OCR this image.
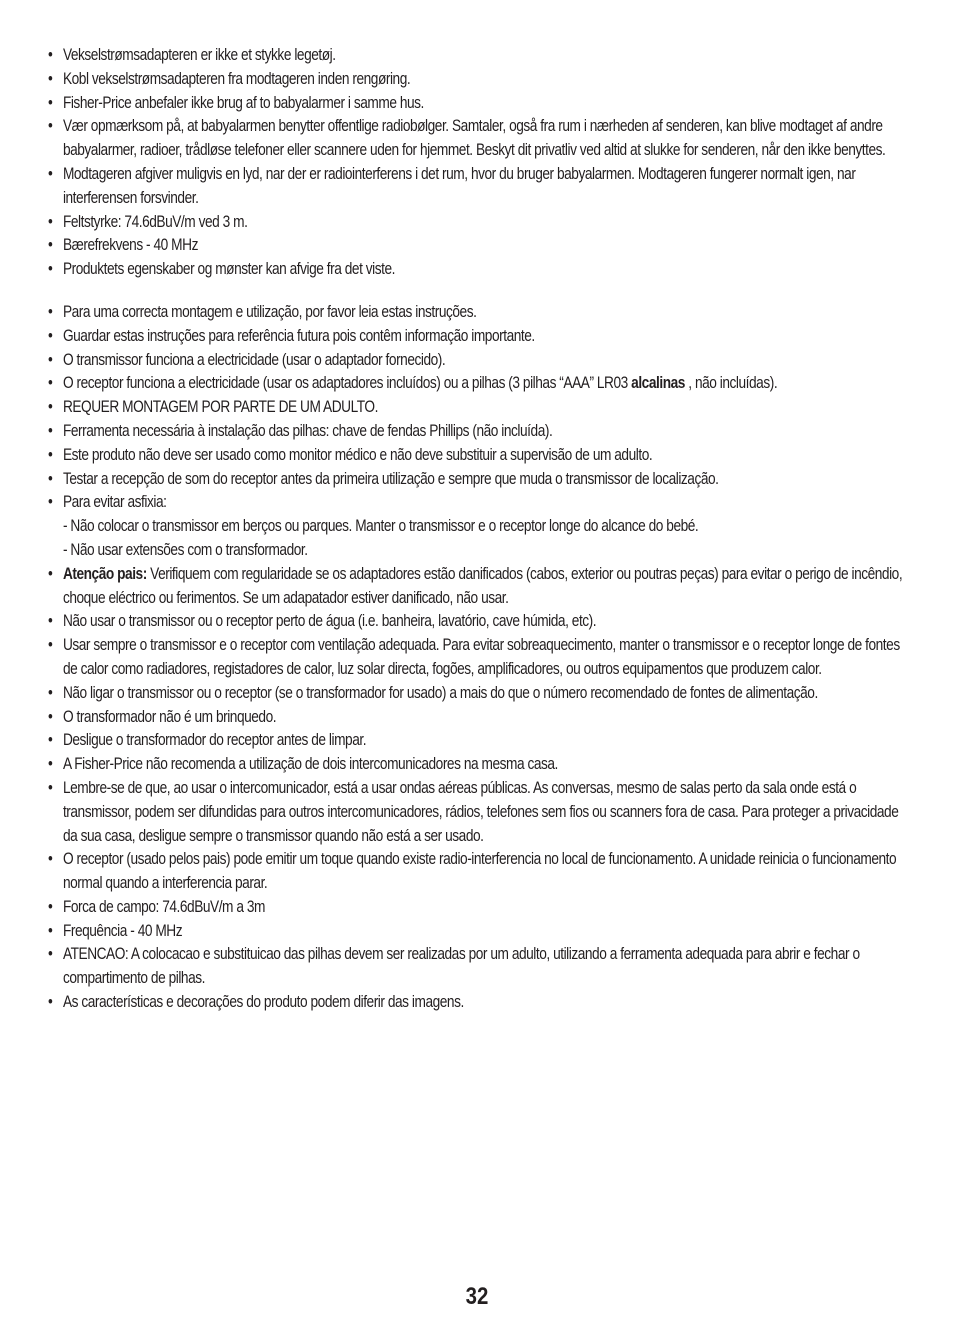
• Vekselstrømsadapteren er ikke et stykke legetøj.
• Kobl vekselstrømsadapteren fra modtageren inden rengøring.
• Fisher-Price anbefaler ikke brug af to babyalarmer i samme hus.
• Vær opmærksom på, at babyalarmen benytter offentlige radiobølger. Samtaler, også fra rum i nærheden af senderen, kan blive modtaget af andre babyalarmer, radioer, trådløse telefoner eller scannere uden for hjemmet. Beskyt dit privatliv ved altid at slukke for senderen, når den ikke benyttes.
• Modtageren afgiver muligvis en lyd, nar der er radiointerferens i det rum, hvor du bruger babyalarmen. Modtageren fungerer normalt igen, nar interferensen forsvinder.
• Feltstyrke: 74.6dBuV/m ved 3 m.
• Bærefrekvens - 40 MHz
• Produktets egenskaber og mønster kan afvige fra det viste.
• Para uma correcta montagem e utilização, por favor leia estas instruções.
• Guardar estas instruções para referência futura pois contêm informação importante.
• O transmissor funciona a electricidade (usar o adaptador fornecido).
• O receptor funciona a electricidade (usar os adaptadores incluídos) ou a pilhas (3 pilhas “AAA” LR03 alcalinas , não incluídas).
• REQUER MONTAGEM POR PARTE DE UM ADULTO.
• Ferramenta necessária à instalação das pilhas: chave de fendas Phillips (não incluída).
• Este produto não deve ser usado como monitor médico e não deve substituir a supervisão de um adulto.
• Testar a recepção de som do receptor antes da primeira utilização e sempre que muda o transmissor de localização.
• Para evitar asfixia:
- Não colocar o transmissor em berços ou parques. Manter o transmissor e o receptor longe do alcance do bebé.
- Não usar extensões com o transformador.
• Atenção pais: Verifiquem com regularidade se os adaptadores estão danificados (cabos, exterior ou poutras peças) para evitar o perigo de incêndio, choque eléctrico ou ferimentos. Se um adapatador estiver danificado, não usar.
• Não usar o transmissor ou o receptor perto de água (i.e. banheira, lavatório, cave húmida, etc).
• Usar sempre o transmissor e o receptor com ventilação adequada. Para evitar sobreaquecimento, manter o transmissor e o receptor longe de fontes de calor como radiadores, registadores de calor, luz solar directa, fogões, amplificadores, ou outros equipamentos que produzem calor.
• Não ligar o transmissor ou o receptor (se o transformador for usado) a mais do que o número recomendado de fontes de alimentação.
• O transformador não é um brinquedo.
• Desligue o transformador do receptor antes de limpar.
• A Fisher-Price não recomenda a utilização de dois intercomunicadores na mesma casa.
• Lembre-se de que, ao usar o intercomunicador, está a usar ondas aéreas públicas. As conversas, mesmo de salas perto da sala onde está o transmissor, podem ser difundidas para outros intercomunicadores, rádios, telefones sem fios ou scanners fora de casa. Para proteger a privacidade da sua casa, desligue sempre o transmissor quando não está a ser usado.
• O receptor (usado pelos pais) pode emitir um toque quando existe radio-interferencia no local de funcionamento. A unidade reinicia o funcionamento normal quando a interferencia parar.
• Forca de campo: 74.6dBuV/m a 3m
• Frequência - 40 MHz
• ATENCAO: A colocacao e substituicao das pilhas devem ser realizadas por um adulto, utilizando a ferramenta adequada para abrir e fechar o compartimento de pilhas.
• As características e decorações do produto podem diferir das imagens.
32
